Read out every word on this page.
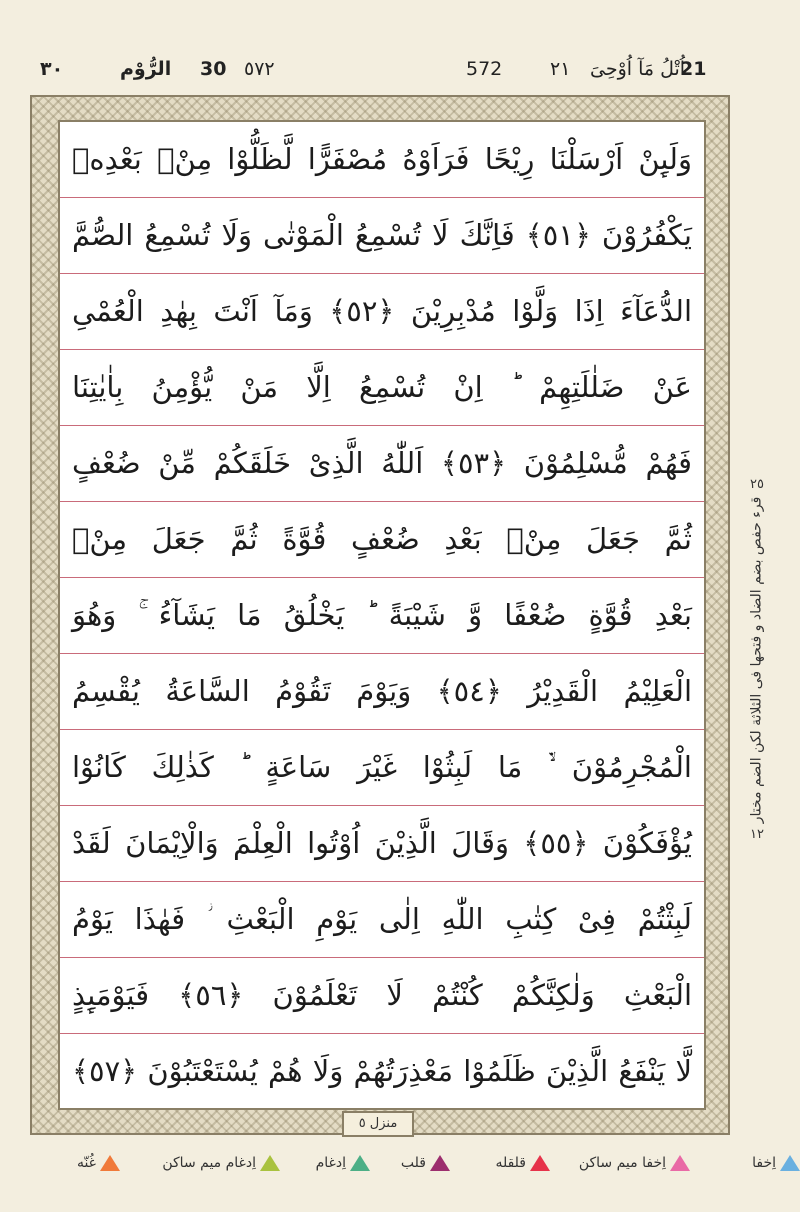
21
اُتْلُ مَآ اُوْحِیَ
٢١
572
٥٧٢
30
الرُّوْم
٣٠
وَلَىِٕنْ اَرْسَلْنَا رِیْحًا فَرَاَوْهُ مُصْفَرًّا لَّظَلُّوْا مِنْۢ بَعْدِهٖ
یَكْفُرُوْنَ ﴿٥١﴾ فَاِنَّكَ لَا تُسْمِعُ الْمَوْتٰى وَلَا تُسْمِعُ الصُّمَّ
الدُّعَآءَ اِذَا وَلَّوْا مُدْبِرِیْنَ ﴿٥٢﴾ وَمَآ اَنْتَ بِهٰدِ الْعُمْیِ
عَنْ ضَلٰلَتِهِمْ ؕ اِنْ تُسْمِعُ اِلَّا مَنْ یُّؤْمِنُ بِاٰیٰتِنَا
فَهُمْ مُّسْلِمُوْنَ ﴿٥٣﴾ اَللّٰهُ الَّذِیْ خَلَقَكُمْ مِّنْ ضُعْفٍ
ثُمَّ جَعَلَ مِنْۢ بَعْدِ ضُعْفٍ قُوَّةً ثُمَّ جَعَلَ مِنْۢ
بَعْدِ قُوَّةٍ ضُعْفًا وَّ شَیْبَةً ؕ یَخْلُقُ مَا یَشَآءُ ۚ وَهُوَ
الْعَلِیْمُ الْقَدِیْرُ ﴿٥٤﴾ وَیَوْمَ تَقُوْمُ السَّاعَةُ یُقْسِمُ
الْمُجْرِمُوْنَ ۙ۬ مَا لَبِثُوْا غَیْرَ سَاعَةٍ ؕ كَذٰلِكَ كَانُوْا
یُؤْفَكُوْنَ ﴿٥٥﴾ وَقَالَ الَّذِیْنَ اُوْتُوا الْعِلْمَ وَالْاِیْمَانَ لَقَدْ
لَبِثْتُمْ فِیْ كِتٰبِ اللّٰهِ اِلٰى یَوْمِ الْبَعْثِ ؗ فَهٰذَا یَوْمُ
الْبَعْثِ وَلٰكِنَّكُمْ كُنْتُمْ لَا تَعْلَمُوْنَ ﴿٥٦﴾ فَیَوْمَىِٕذٍ
لَّا یَنْفَعُ الَّذِیْنَ ظَلَمُوْا مَعْذِرَتُهُمْ وَلَا هُمْ یُسْتَعْتَبُوْنَ ﴿٥٧﴾
منزل ٥
٢٥
قرء حفص بضم الضاد و فتحها فی الثلاثة لكن الضم مختار
١٢
اِخفا
اِخفا میم ساکن
قلقله
قلب
اِدغام
اِدغام میم ساکن
غُنّه
